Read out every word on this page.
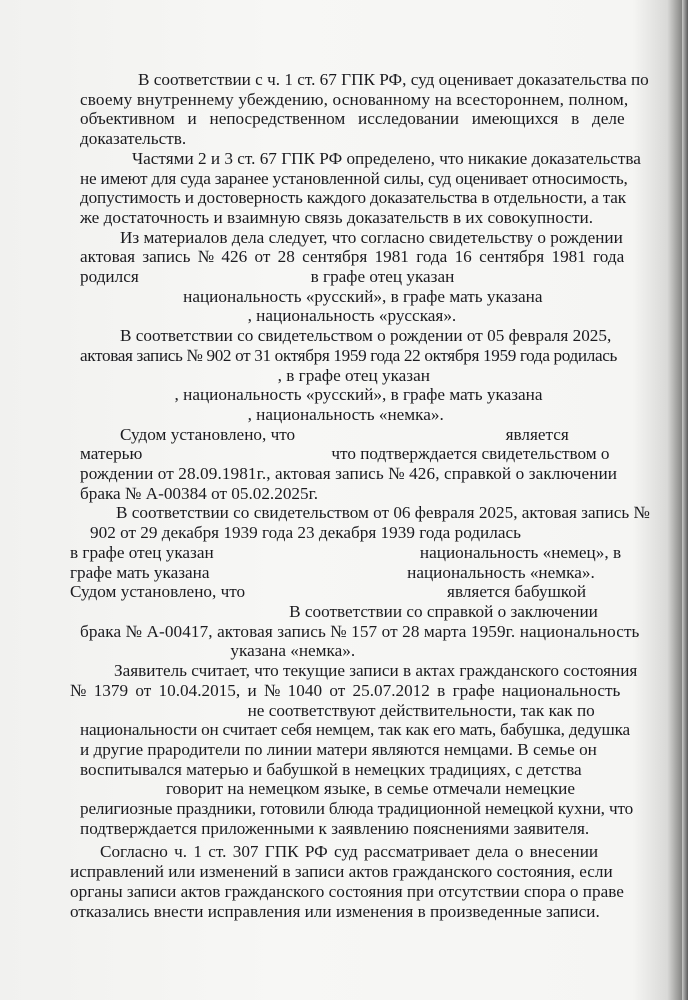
В соответствии с ч. 1 ст. 67 ГПК РФ, суд оценивает доказательства по
своему внутреннему убеждению, основанному на всестороннем, полном,
объективном и непосредственном исследовании имеющихся в деле
доказательств.

Частями 2 и 3 ст. 67 ГПК РФ определено, что никакие доказательства
не имеют для суда заранее установленной силы, суд оценивает относимость,
допустимость и достоверность каждого доказательства в отдельности, а так
же достаточность и взаимную связь доказательств в их совокупности.

Из материалов дела следует, что согласно свидетельству о рождении
актовая запись № 426 от 28 сентября 1981 года 16 сентября 1981 года
родился                                        в графе отец указан
национальность «русский», в графе мать указана
, национальность «русская».

В соответствии со свидетельством о рождении от 05 февраля 2025,
актовая запись № 902 от 31 октября 1959 года 22 октября 1959 года родилась
, в графе отец указан
, национальность «русский», в графе мать указана
, национальность «немка».

Судом установлено, что                                                 является
матерью                                            что подтверждается свидетельством о
рождении от 28.09.1981г., актовая запись № 426, справкой о заключении
брака № А-00384 от 05.02.2025г.

В соответствии со свидетельством от 06 февраля 2025, актовая запись №
902 от 29 декабря 1939 года 23 декабря 1939 года родилась
в графе отец указан                                                национальность «немец», в
графе мать указана                                              национальность «немка».
Судом установлено, что                                               является бабушкой
В соответствии со справкой о заключении
брака № А-00417, актовая запись № 157 от 28 марта 1959г. национальность
указана «немка».

Заявитель считает, что текущие записи в актах гражданского состояния
№ 1379 от 10.04.2015, и № 1040 от 25.07.2012 в графе национальность
не соответствуют действительности, так как по
национальности он считает себя немцем, так как его мать, бабушка, дедушка
и другие прародители по линии матери являются немцами. В семье он
воспитывался матерью и бабушкой в немецких традициях, с детства
говорит на немецком языке, в семье отмечали немецкие
религиозные праздники, готовили блюда традиционной немецкой кухни, что
подтверждается приложенными к заявлению пояснениями заявителя.

Согласно ч. 1 ст. 307 ГПК РФ суд рассматривает дела о внесении
исправлений или изменений в записи актов гражданского состояния, если
органы записи актов гражданского состояния при отсутствии спора о праве
отказались внести исправления или изменения в произведенные записи.
